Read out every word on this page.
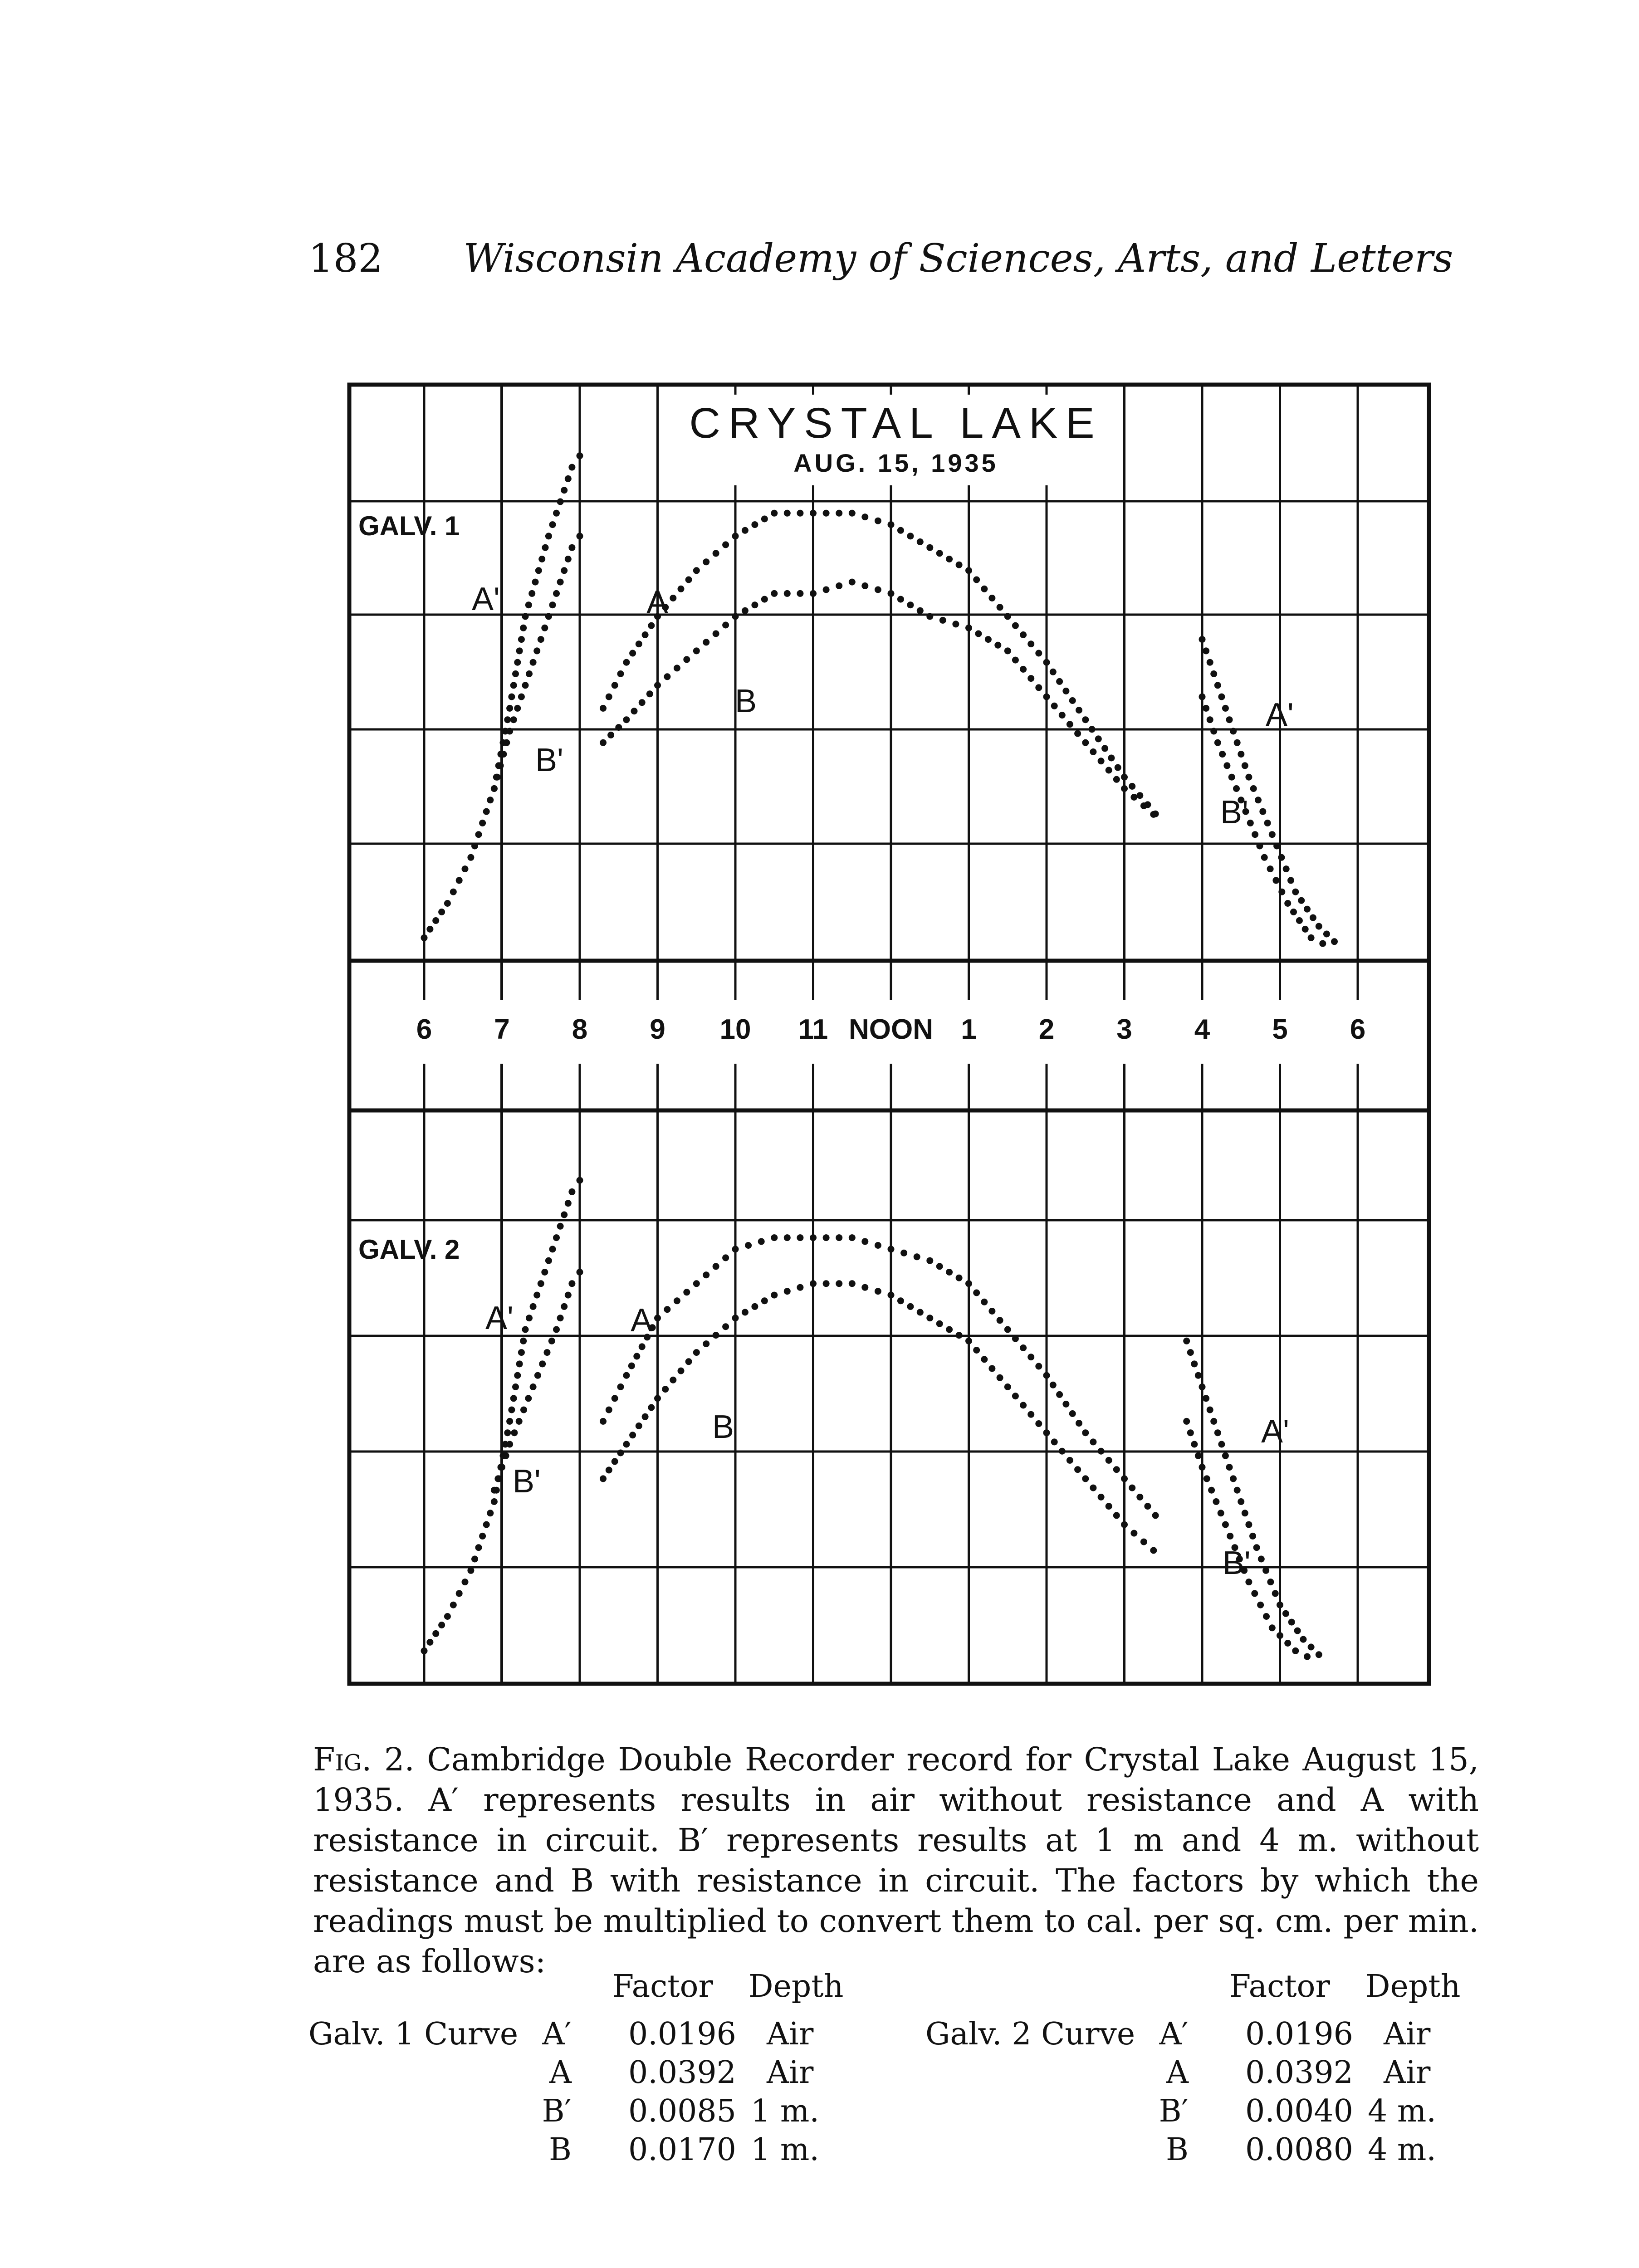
182 Wisconsin Academy of Sciences, Arts, and Letters
6 7 8 9 10 11 NOON 1 2 3 4 5 6
CRYSTAL LAKE
AUG. 15, 1935
GALV. 1
GALV. 2
A'	A
B
B'
A'
B'
A'	A
B
B'
A'
B'
Fig. 2. Cambridge Double Recorder record for Crystal Lake August 15, 1935. A′ represents results in air without resistance and A with resistance in circuit. B′ represents results at 1 m and 4 m. without resistance and B with resistance in circuit. The factors by which the readings must be multiplied to convert them to cal. per sq. cm. per min. are as follows:
Factor Depth
Galv. 1 Curve A′ 0.0196 Air
A 0.0392 Air
B′ 0.0085 1 m.
B 0.0170 1 m.
Factor Depth
Galv. 2 Curve A′ 0.0196 Air
A 0.0392 Air
B′ 0.0040 4 m.
B 0.0080 4 m.
